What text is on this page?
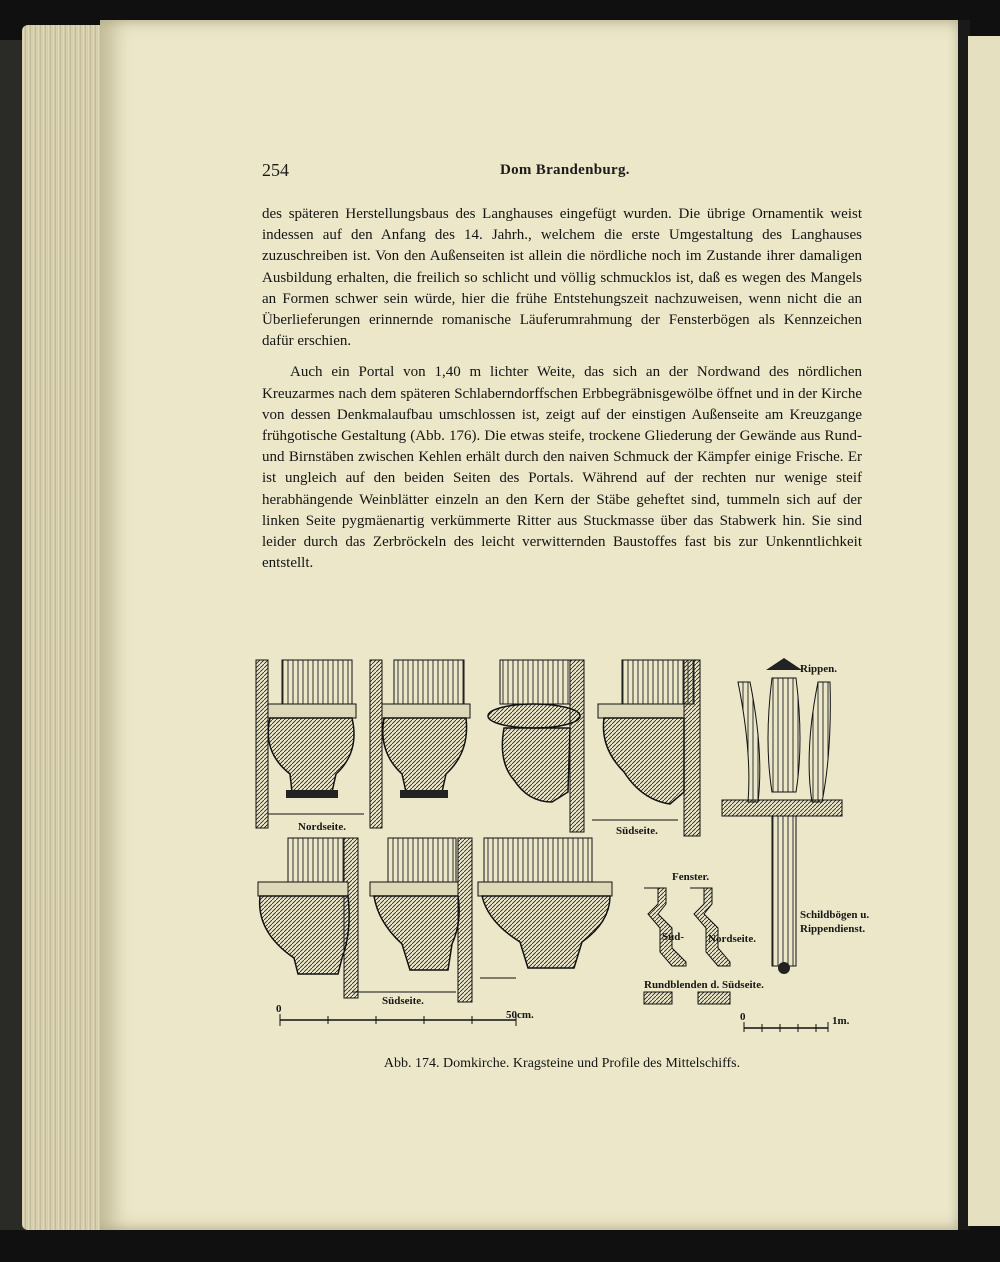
254	Dom Brandenburg.

des späteren Herstellungsbaus des Langhauses eingefügt wurden. Die übrige Ornamentik weist indessen auf den Anfang des 14. Jahrh., welchem die erste Umgestaltung des Langhauses zuzuschreiben ist. Von den Außenseiten ist allein die nördliche noch im Zustande ihrer damaligen Ausbildung erhalten, die freilich so schlicht und völlig schmucklos ist, daß es wegen des Mangels an Formen schwer sein würde, hier die frühe Entstehungszeit nachzuweisen, wenn nicht die an Überlieferungen erinnernde romanische Läuferumrahmung der Fensterbögen als Kennzeichen dafür erschien.

Auch ein Portal von 1,40 m lichter Weite, das sich an der Nordwand des nördlichen Kreuzarmes nach dem späteren Schlaberndorffschen Erbbegräbnisgewölbe öffnet und in der Kirche von dessen Denkmalaufbau umschlossen ist, zeigt auf der einstigen Außenseite am Kreuzgange frühgotische Gestaltung (Abb. 176). Die etwas steife, trockene Gliederung der Gewände aus Rund- und Birnstäben zwischen Kehlen erhält durch den naiven Schmuck der Kämpfer einige Frische. Er ist ungleich auf den beiden Seiten des Portals. Während auf der rechten nur wenige steif herabhängende Weinblätter einzeln an den Kern der Stäbe geheftet sind, tummeln sich auf der linken Seite pygmäenartig verkümmerte Ritter aus Stuckmasse über das Stabwerk hin. Sie sind leider durch das Zerbröckeln des leicht verwitternden Baustoffes fast bis zur Unkenntlichkeit entstellt.

Nordseite.	Südseite.
Rippen.
Südseite.
Fenster.
Süd- Nordseite.
Rundblenden d. Südseite.
Schildbögen u.
Rippendienst.
0	50cm.	0	1m.
Abb. 174. Domkirche. Kragsteine und Profile des Mittelschiffs.
